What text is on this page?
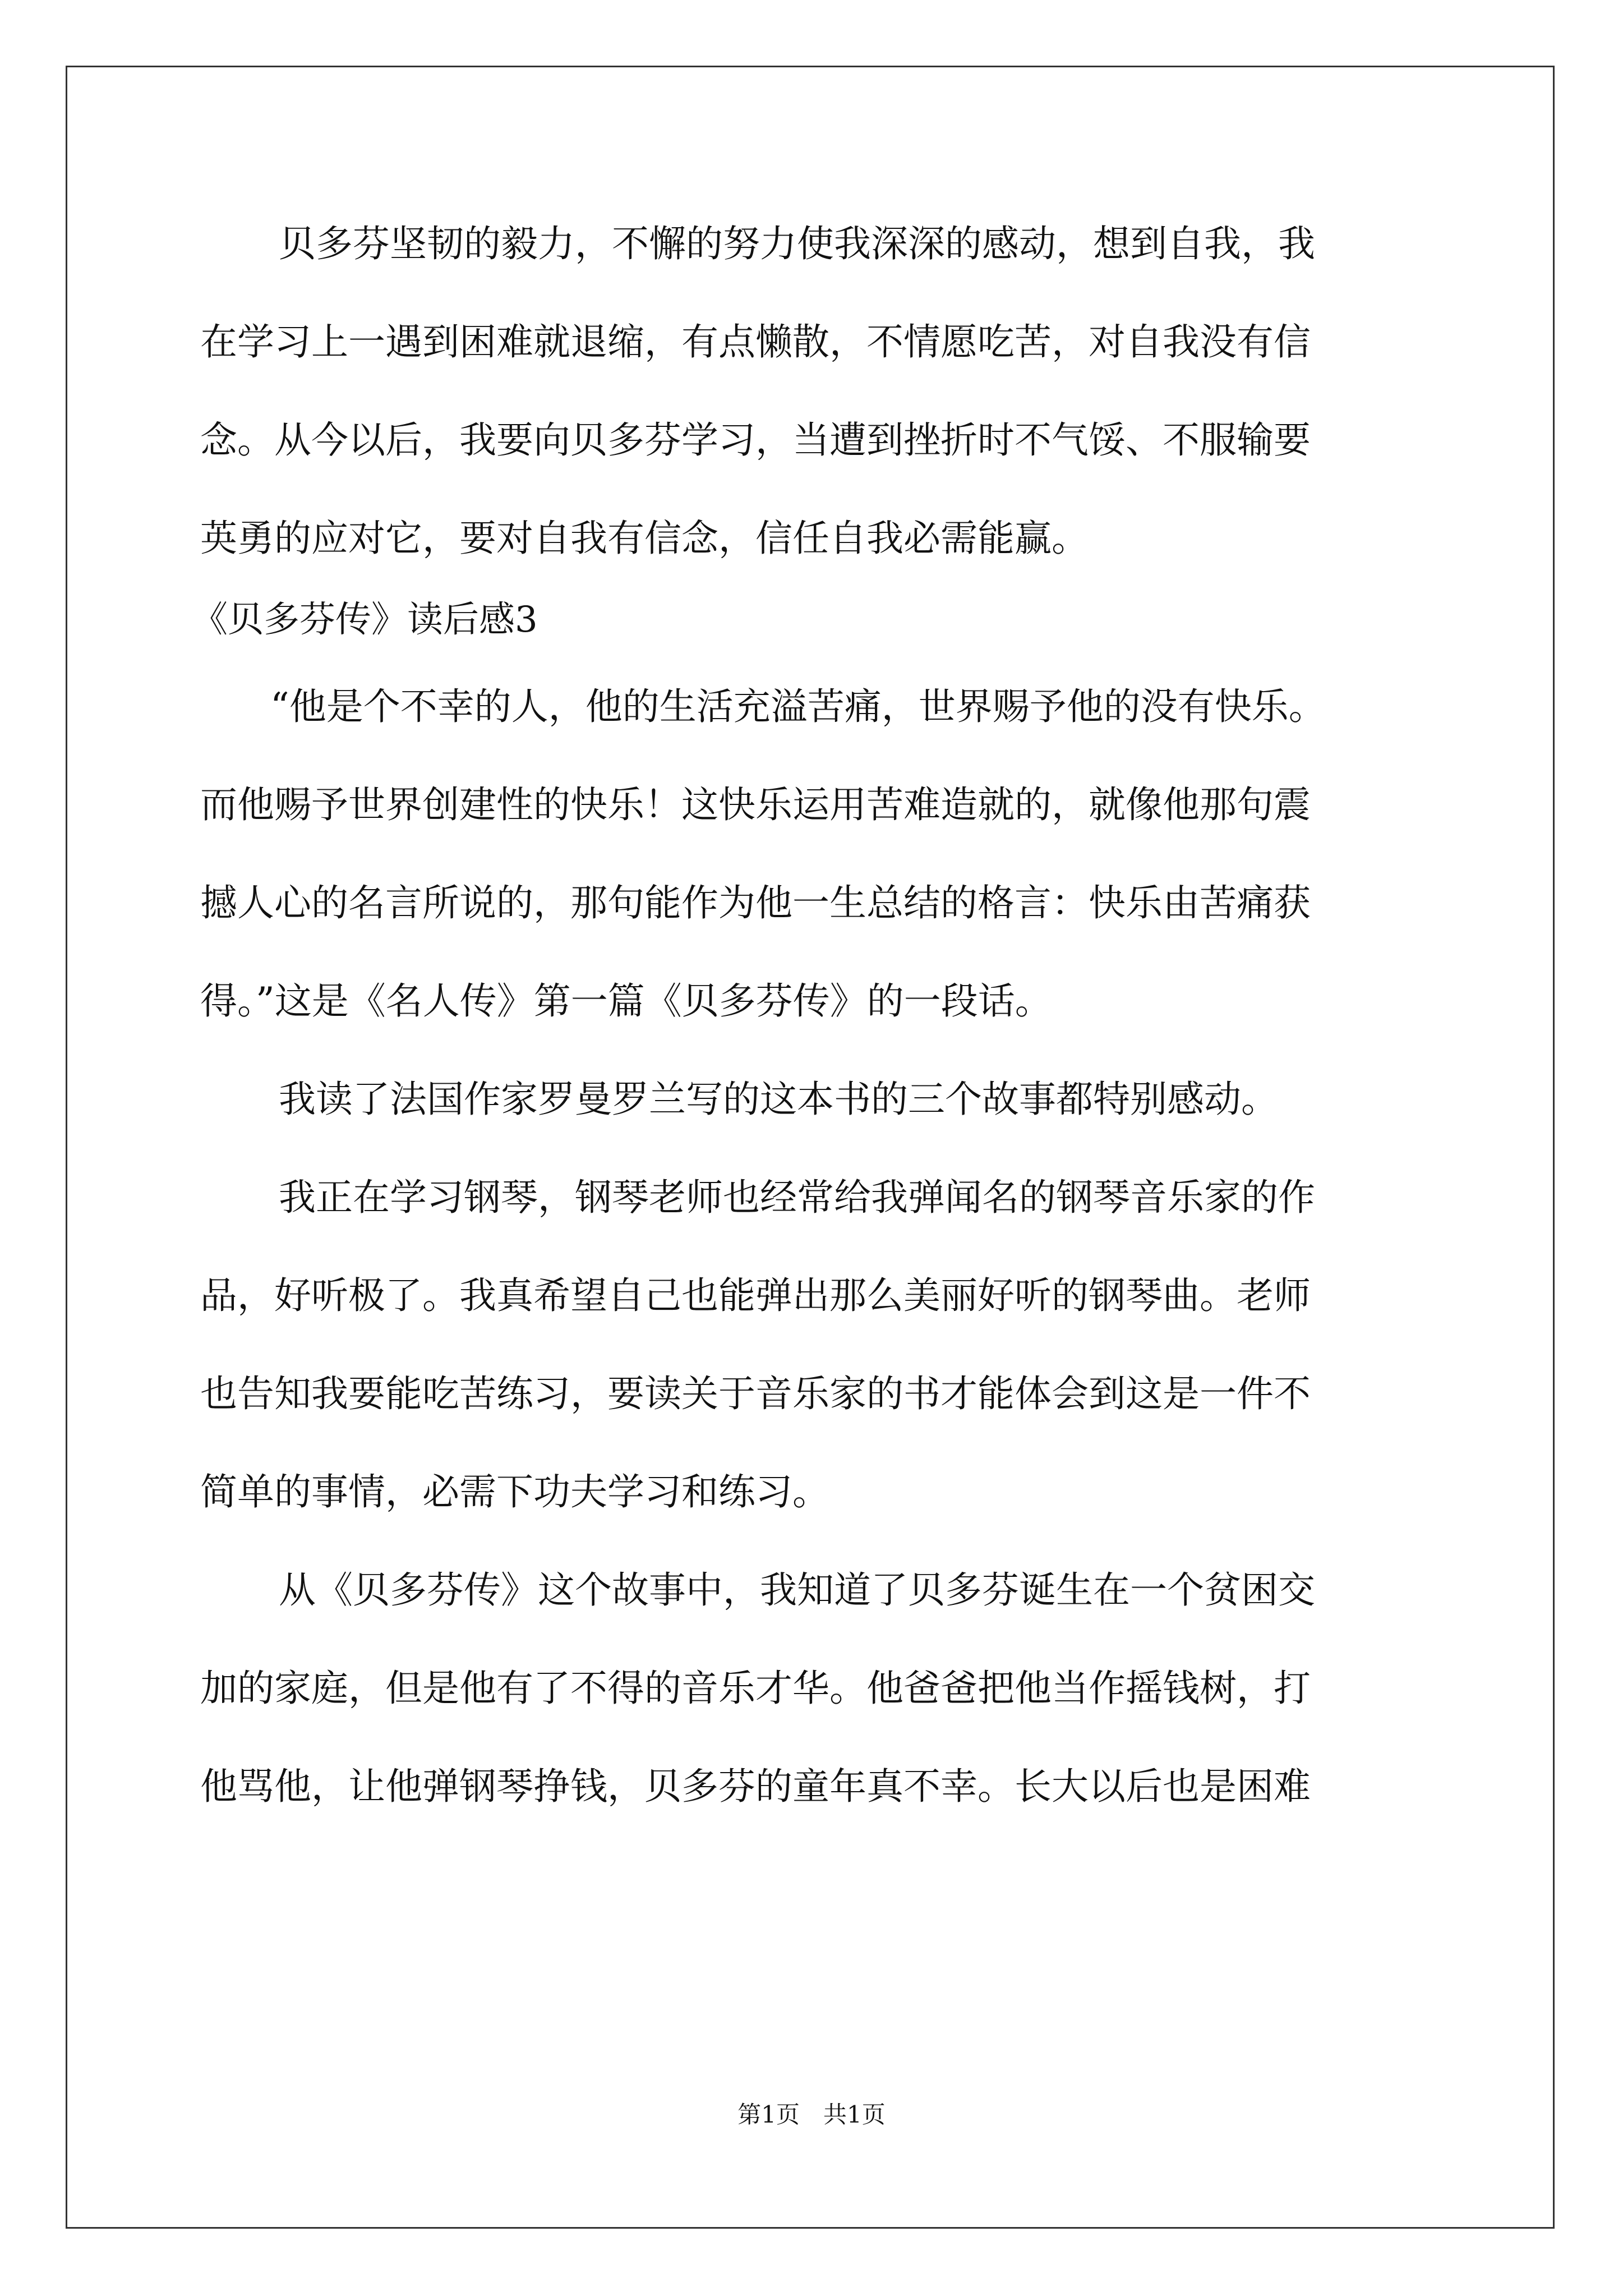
贝多芬坚韧的毅力，不懈的努力使我深深的感动，想到自我，我
在学习上一遇到困难就退缩，有点懒散，不情愿吃苦，对自我没有信
念。从今以后，我要向贝多芬学习，当遭到挫折时不气馁、不服输要
英勇的应对它，要对自我有信念，信任自我必需能赢。
《贝多芬传》读后感3
“他是个不幸的人，他的生活充溢苦痛，世界赐予他的没有快乐。
而他赐予世界创建性的快乐！这快乐运用苦难造就的，就像他那句震
撼人心的名言所说的，那句能作为他一生总结的格言：快乐由苦痛获
得。”这是《名人传》第一篇《贝多芬传》的一段话。
我读了法国作家罗曼罗兰写的这本书的三个故事都特别感动。
我正在学习钢琴，钢琴老师也经常给我弹闻名的钢琴音乐家的作
品，好听极了。我真希望自己也能弹出那么美丽好听的钢琴曲。老师
也告知我要能吃苦练习，要读关于音乐家的书才能体会到这是一件不
简单的事情，必需下功夫学习和练习。
从《贝多芬传》这个故事中，我知道了贝多芬诞生在一个贫困交
加的家庭，但是他有了不得的音乐才华。他爸爸把他当作摇钱树，打
他骂他，让他弹钢琴挣钱，贝多芬的童年真不幸。长大以后也是困难
第1页　共1页
